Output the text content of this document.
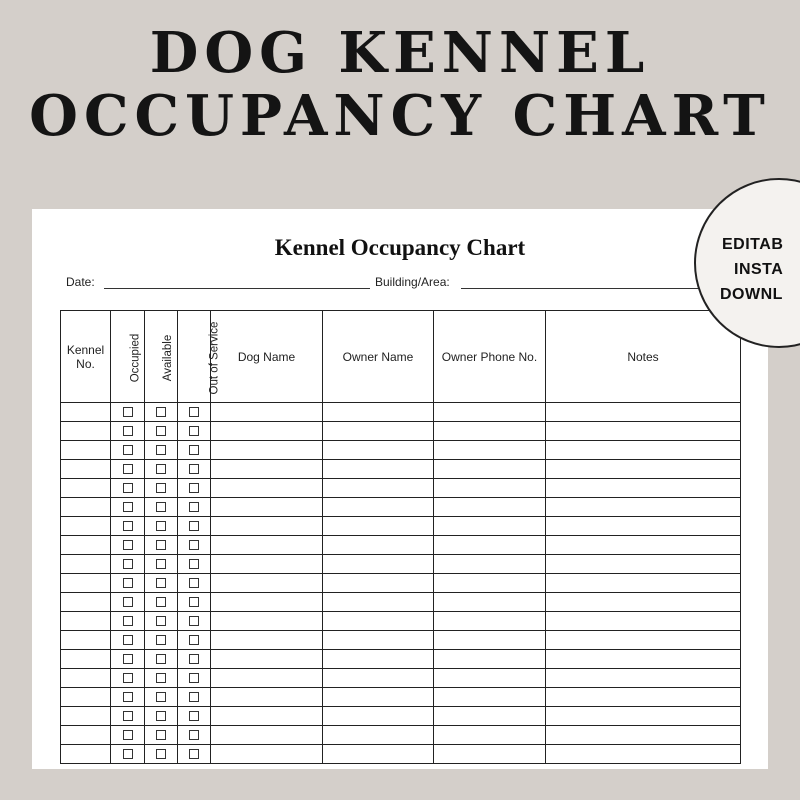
DOG KENNEL
OCCUPANCY CHART
Kennel Occupancy Chart
Date:	Building/Area:
Kennel
No.	Occupied	Available	Out of Service	Dog Name	Owner Name	Owner Phone No.	Notes

EDITAB
INSTA
DOWNL
